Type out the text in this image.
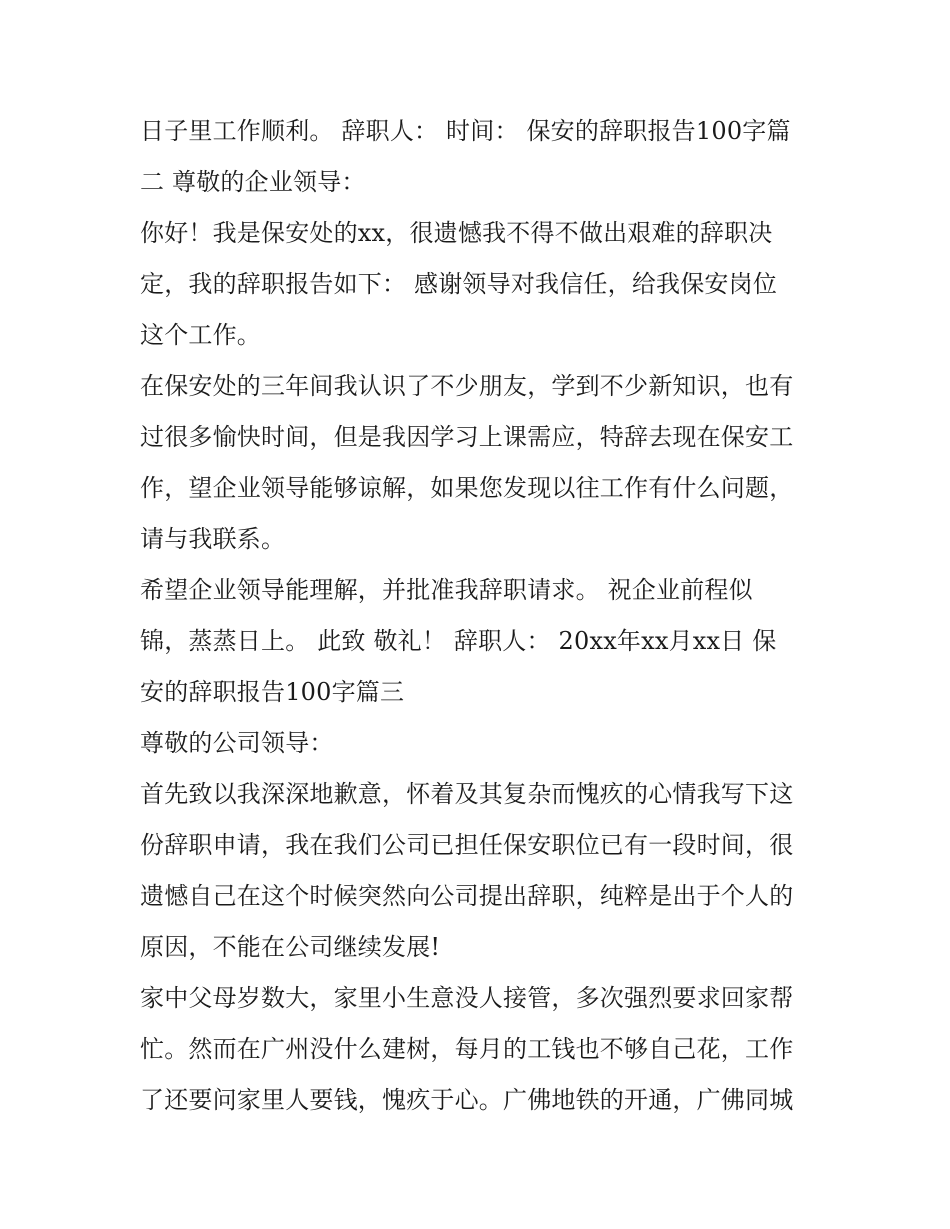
日子里工作顺利。 辞职人： 时间： 保安的辞职报告100字篇
二 尊敬的企业领导：
你好！我是保安处的xx，很遗憾我不得不做出艰难的辞职决
定，我的辞职报告如下： 感谢领导对我信任，给我保安岗位
这个工作。
在保安处的三年间我认识了不少朋友，学到不少新知识，也有
过很多愉快时间，但是我因学习上课需应，特辞去现在保安工
作，望企业领导能够谅解，如果您发现以往工作有什么问题，
请与我联系。
希望企业领导能理解，并批准我辞职请求。 祝企业前程似
锦，蒸蒸日上。 此致 敬礼！ 辞职人： 20xx年xx月xx日 保
安的辞职报告100字篇三
尊敬的公司领导：
首先致以我深深地歉意，怀着及其复杂而愧疚的心情我写下这
份辞职申请，我在我们公司已担任保安职位已有一段时间，很
遗憾自己在这个时候突然向公司提出辞职，纯粹是出于个人的
原因，不能在公司继续发展!
家中父母岁数大，家里小生意没人接管，多次强烈要求回家帮
忙。然而在广州没什么建树，每月的工钱也不够自己花，工作
了还要问家里人要钱，愧疚于心。广佛地铁的开通，广佛同城
